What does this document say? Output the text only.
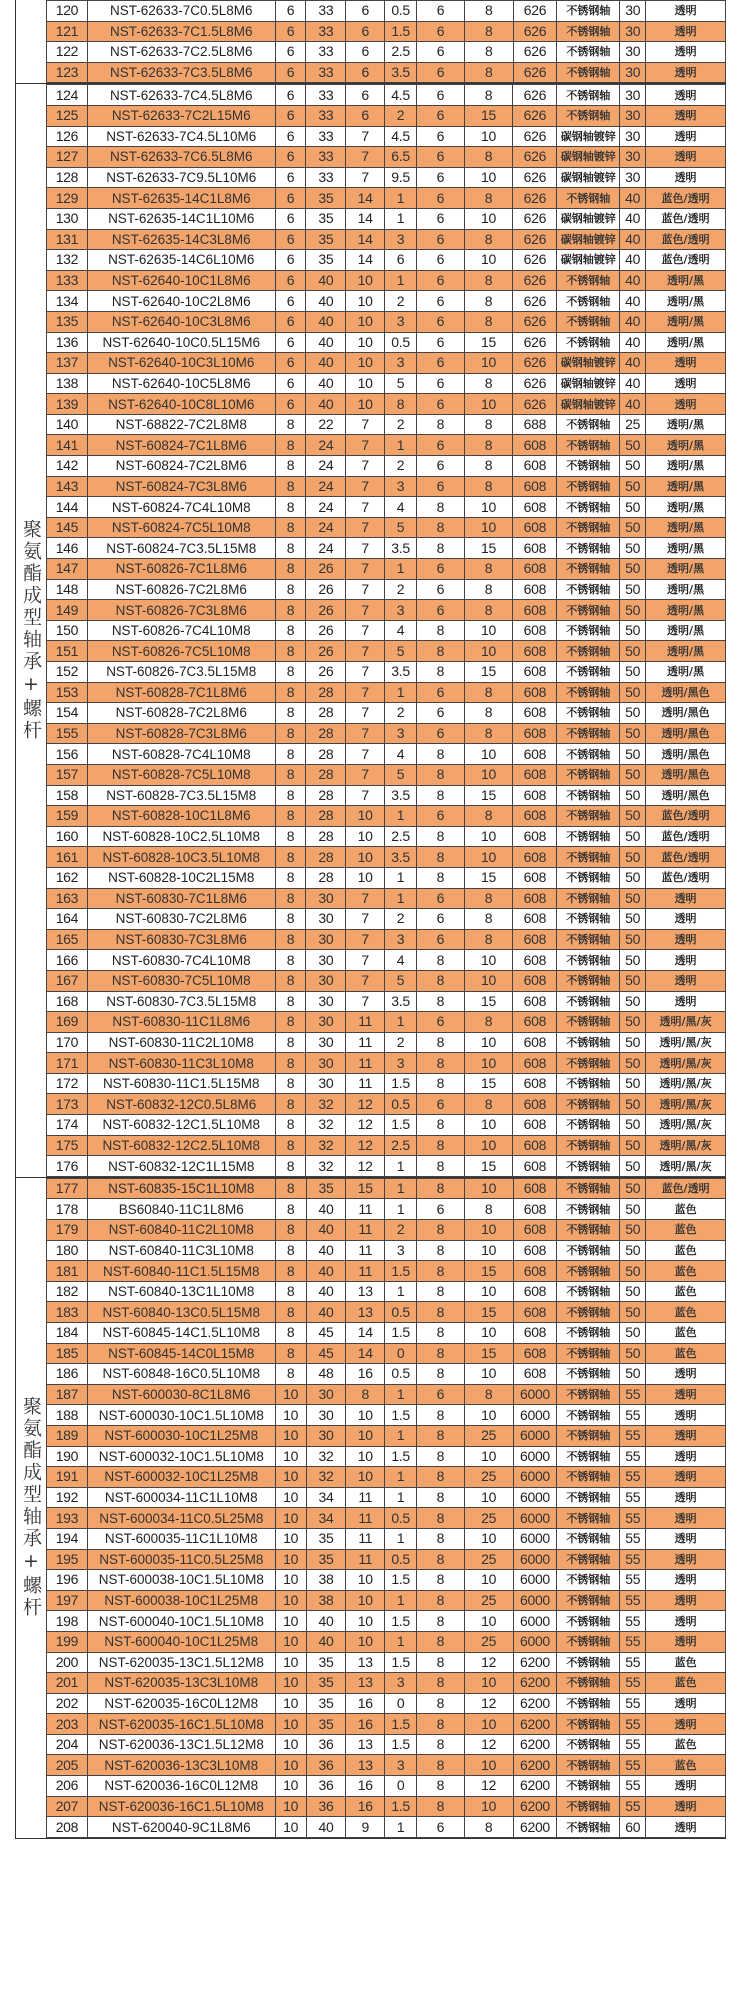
120	NST-62633-7C0.5L8M6	6	33	6	0.5	6	8	626	不锈钢轴	30	透明
121	NST-62633-7C1.5L8M6	6	33	6	1.5	6	8	626	不锈钢轴	30	透明
122	NST-62633-7C2.5L8M6	6	33	6	2.5	6	8	626	不锈钢轴	30	透明
123	NST-62633-7C3.5L8M6	6	33	6	3.5	6	8	626	不锈钢轴	30	透明
聚氨酯成型轴承+螺杆
124	NST-62633-7C4.5L8M6	6	33	6	4.5	6	8	626	不锈钢轴	30	透明
125	NST-62633-7C2L15M6	6	33	6	2	6	15	626	不锈钢轴	30	透明
126	NST-62633-7C4.5L10M6	6	33	7	4.5	6	10	626	碳钢轴镀锌	30	透明
127	NST-62633-7C6.5L8M6	6	33	7	6.5	6	8	626	碳钢轴镀锌	30	透明
128	NST-62633-7C9.5L10M6	6	33	7	9.5	6	10	626	碳钢轴镀锌	30	透明
129	NST-62635-14C1L8M6	6	35	14	1	6	8	626	不锈钢轴	40	蓝色/透明
130	NST-62635-14C1L10M6	6	35	14	1	6	10	626	碳钢轴镀锌	40	蓝色/透明
131	NST-62635-14C3L8M6	6	35	14	3	6	8	626	碳钢轴镀锌	40	蓝色/透明
132	NST-62635-14C6L10M6	6	35	14	6	6	10	626	碳钢轴镀锌	40	蓝色/透明
133	NST-62640-10C1L8M6	6	40	10	1	6	8	626	不锈钢轴	40	透明/黑
134	NST-62640-10C2L8M6	6	40	10	2	6	8	626	不锈钢轴	40	透明/黑
135	NST-62640-10C3L8M6	6	40	10	3	6	8	626	不锈钢轴	40	透明/黑
136	NST-62640-10C0.5L15M6	6	40	10	0.5	6	15	626	不锈钢轴	40	透明/黑
137	NST-62640-10C3L10M6	6	40	10	3	6	10	626	碳钢轴镀锌	40	透明
138	NST-62640-10C5L8M6	6	40	10	5	6	8	626	碳钢轴镀锌	40	透明
139	NST-62640-10C8L10M6	6	40	10	8	6	10	626	碳钢轴镀锌	40	透明
140	NST-68822-7C2L8M8	8	22	7	2	8	8	688	不锈钢轴	25	透明/黑
141	NST-60824-7C1L8M6	8	24	7	1	6	8	608	不锈钢轴	50	透明/黑
142	NST-60824-7C2L8M6	8	24	7	2	6	8	608	不锈钢轴	50	透明/黑
143	NST-60824-7C3L8M6	8	24	7	3	6	8	608	不锈钢轴	50	透明/黑
144	NST-60824-7C4L10M8	8	24	7	4	8	10	608	不锈钢轴	50	透明/黑
145	NST-60824-7C5L10M8	8	24	7	5	8	10	608	不锈钢轴	50	透明/黑
146	NST-60824-7C3.5L15M8	8	24	7	3.5	8	15	608	不锈钢轴	50	透明/黑
147	NST-60826-7C1L8M6	8	26	7	1	6	8	608	不锈钢轴	50	透明/黑
148	NST-60826-7C2L8M6	8	26	7	2	6	8	608	不锈钢轴	50	透明/黑
149	NST-60826-7C3L8M6	8	26	7	3	6	8	608	不锈钢轴	50	透明/黑
150	NST-60826-7C4L10M8	8	26	7	4	8	10	608	不锈钢轴	50	透明/黑
151	NST-60826-7C5L10M8	8	26	7	5	8	10	608	不锈钢轴	50	透明/黑
152	NST-60826-7C3.5L15M8	8	26	7	3.5	8	15	608	不锈钢轴	50	透明/黑
153	NST-60828-7C1L8M6	8	28	7	1	6	8	608	不锈钢轴	50	透明/黑色
154	NST-60828-7C2L8M6	8	28	7	2	6	8	608	不锈钢轴	50	透明/黑色
155	NST-60828-7C3L8M6	8	28	7	3	6	8	608	不锈钢轴	50	透明/黑色
156	NST-60828-7C4L10M8	8	28	7	4	8	10	608	不锈钢轴	50	透明/黑色
157	NST-60828-7C5L10M8	8	28	7	5	8	10	608	不锈钢轴	50	透明/黑色
158	NST-60828-7C3.5L15M8	8	28	7	3.5	8	15	608	不锈钢轴	50	透明/黑色
159	NST-60828-10C1L8M6	8	28	10	1	6	8	608	不锈钢轴	50	蓝色/透明
160	NST-60828-10C2.5L10M8	8	28	10	2.5	8	10	608	不锈钢轴	50	蓝色/透明
161	NST-60828-10C3.5L10M8	8	28	10	3.5	8	10	608	不锈钢轴	50	蓝色/透明
162	NST-60828-10C2L15M8	8	28	10	1	8	15	608	不锈钢轴	50	蓝色/透明
163	NST-60830-7C1L8M6	8	30	7	1	6	8	608	不锈钢轴	50	透明
164	NST-60830-7C2L8M6	8	30	7	2	6	8	608	不锈钢轴	50	透明
165	NST-60830-7C3L8M6	8	30	7	3	6	8	608	不锈钢轴	50	透明
166	NST-60830-7C4L10M8	8	30	7	4	8	10	608	不锈钢轴	50	透明
167	NST-60830-7C5L10M8	8	30	7	5	8	10	608	不锈钢轴	50	透明
168	NST-60830-7C3.5L15M8	8	30	7	3.5	8	15	608	不锈钢轴	50	透明
169	NST-60830-11C1L8M6	8	30	11	1	6	8	608	不锈钢轴	50	透明/黑/灰
170	NST-60830-11C2L10M8	8	30	11	2	8	10	608	不锈钢轴	50	透明/黑/灰
171	NST-60830-11C3L10M8	8	30	11	3	8	10	608	不锈钢轴	50	透明/黑/灰
172	NST-60830-11C1.5L15M8	8	30	11	1.5	8	15	608	不锈钢轴	50	透明/黑/灰
173	NST-60832-12C0.5L8M6	8	32	12	0.5	6	8	608	不锈钢轴	50	透明/黑/灰
174	NST-60832-12C1.5L10M8	8	32	12	1.5	8	10	608	不锈钢轴	50	透明/黑/灰
175	NST-60832-12C2.5L10M8	8	32	12	2.5	8	10	608	不锈钢轴	50	透明/黑/灰
176	NST-60832-12C1L15M8	8	32	12	1	8	15	608	不锈钢轴	50	透明/黑/灰
聚氨酯成型轴承+螺杆
177	NST-60835-15C1L10M8	8	35	15	1	8	10	608	不锈钢轴	50	蓝色/透明
178	BS60840-11C1L8M6	8	40	11	1	6	8	608	不锈钢轴	50	蓝色
179	NST-60840-11C2L10M8	8	40	11	2	8	10	608	不锈钢轴	50	蓝色
180	NST-60840-11C3L10M8	8	40	11	3	8	10	608	不锈钢轴	50	蓝色
181	NST-60840-11C1.5L15M8	8	40	11	1.5	8	15	608	不锈钢轴	50	蓝色
182	NST-60840-13C1L10M8	8	40	13	1	8	10	608	不锈钢轴	50	蓝色
183	NST-60840-13C0.5L15M8	8	40	13	0.5	8	15	608	不锈钢轴	50	蓝色
184	NST-60845-14C1.5L10M8	8	45	14	1.5	8	10	608	不锈钢轴	50	蓝色
185	NST-60845-14C0L15M8	8	45	14	0	8	15	608	不锈钢轴	50	蓝色
186	NST-60848-16C0.5L10M8	8	48	16	0.5	8	10	608	不锈钢轴	50	透明
187	NST-600030-8C1L8M6	10	30	8	1	6	8	6000	不锈钢轴	55	透明
188	NST-600030-10C1.5L10M8	10	30	10	1.5	8	10	6000	不锈钢轴	55	透明
189	NST-600030-10C1L25M8	10	30	10	1	8	25	6000	不锈钢轴	55	透明
190	NST-600032-10C1.5L10M8	10	32	10	1.5	8	10	6000	不锈钢轴	55	透明
191	NST-600032-10C1L25M8	10	32	10	1	8	25	6000	不锈钢轴	55	透明
192	NST-600034-11C1L10M8	10	34	11	1	8	10	6000	不锈钢轴	55	透明
193	NST-600034-11C0.5L25M8	10	34	11	0.5	8	25	6000	不锈钢轴	55	透明
194	NST-600035-11C1L10M8	10	35	11	1	8	10	6000	不锈钢轴	55	透明
195	NST-600035-11C0.5L25M8	10	35	11	0.5	8	25	6000	不锈钢轴	55	透明
196	NST-600038-10C1.5L10M8	10	38	10	1.5	8	10	6000	不锈钢轴	55	透明
197	NST-600038-10C1L25M8	10	38	10	1	8	25	6000	不锈钢轴	55	透明
198	NST-600040-10C1.5L10M8	10	40	10	1.5	8	10	6000	不锈钢轴	55	透明
199	NST-600040-10C1L25M8	10	40	10	1	8	25	6000	不锈钢轴	55	透明
200	NST-620035-13C1.5L12M8	10	35	13	1.5	8	12	6200	不锈钢轴	55	蓝色
201	NST-620035-13C3L10M8	10	35	13	3	8	10	6200	不锈钢轴	55	蓝色
202	NST-620035-16C0L12M8	10	35	16	0	8	12	6200	不锈钢轴	55	透明
203	NST-620035-16C1.5L10M8	10	35	16	1.5	8	10	6200	不锈钢轴	55	透明
204	NST-620036-13C1.5L12M8	10	36	13	1.5	8	12	6200	不锈钢轴	55	蓝色
205	NST-620036-13C3L10M8	10	36	13	3	8	10	6200	不锈钢轴	55	蓝色
206	NST-620036-16C0L12M8	10	36	16	0	8	12	6200	不锈钢轴	55	透明
207	NST-620036-16C1.5L10M8	10	36	16	1.5	8	10	6200	不锈钢轴	55	透明
208	NST-620040-9C1L8M6	10	40	9	1	6	8	6200	不锈钢轴	60	透明
